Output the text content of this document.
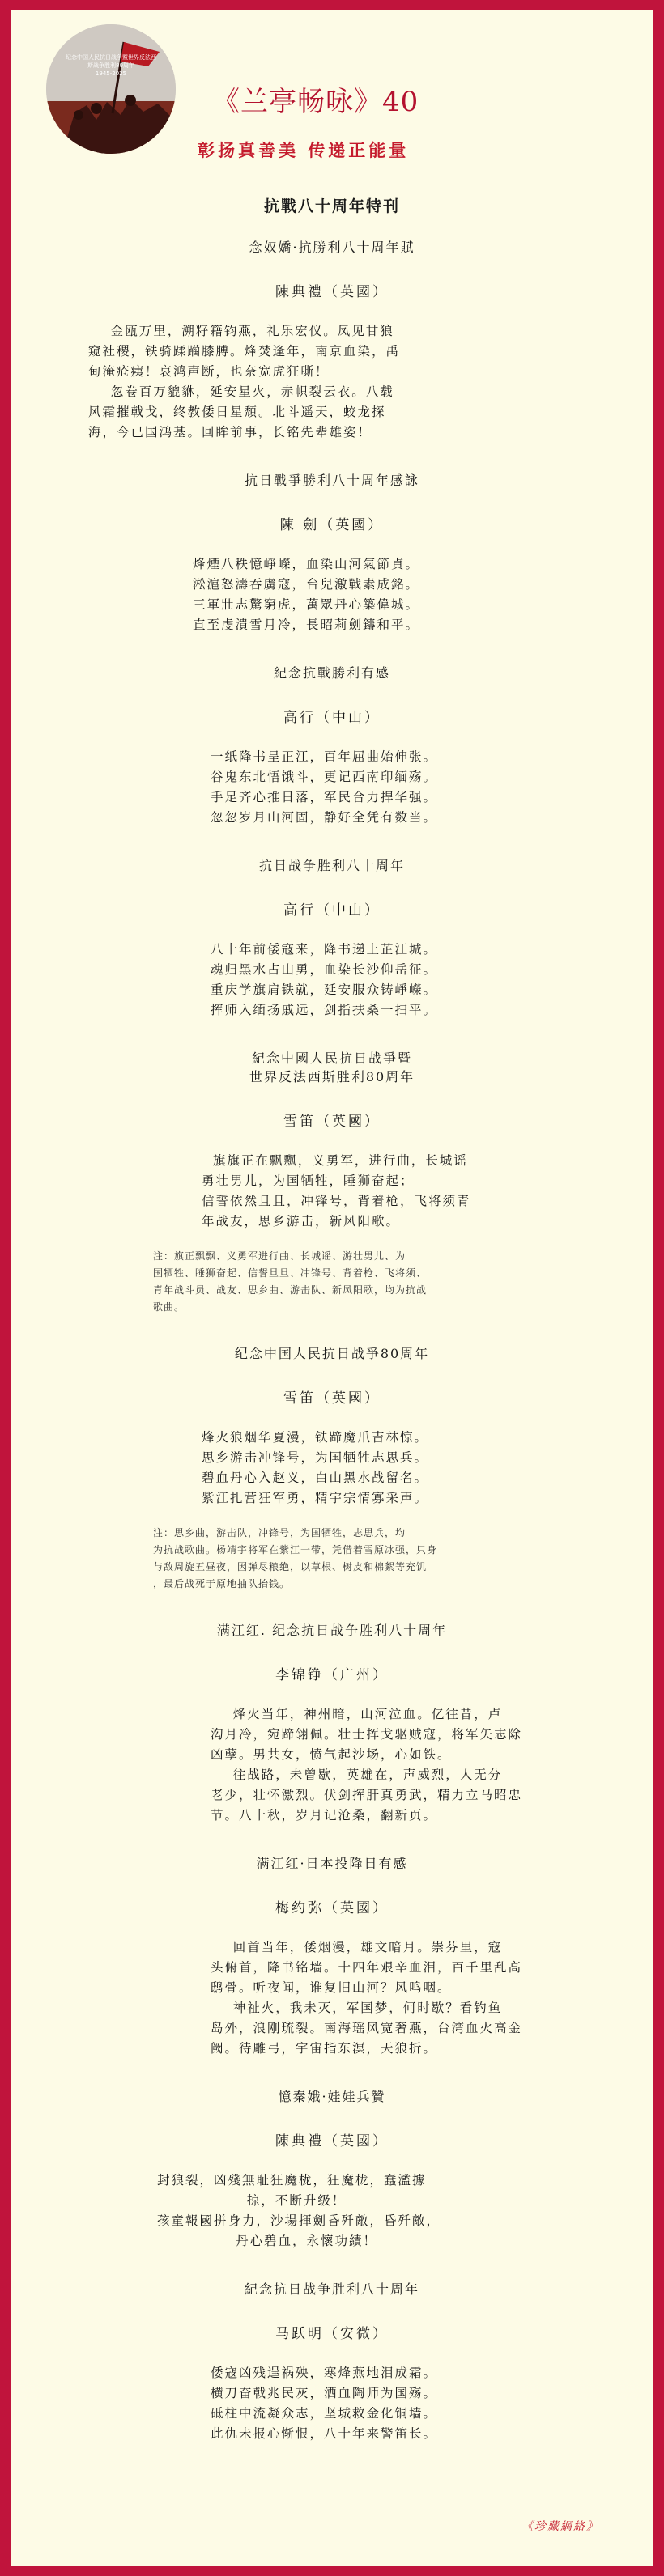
纪念中国人民抗日战争暨世界反法西斯战争胜利80周年
1945-2025
《兰亭畅咏》40
彰扬真善美 传递正能量
抗戰八十周年特刊
念奴嬌·抗勝利八十周年賦
陳典禮（英國）
金瓯万里，溯籽籍钧燕，礼乐宏仪。凤见甘狼
窥社稷，铁骑蹂躏膝膊。烽焚逢年，南京血染，禹
甸淹疮痍！哀鸿声断，也奈宽虎狂嘶！
忽卷百万貔貅，延安星火，赤帜裂云衣。八载
风霜摧戟戈，终教倭日星頹。北斗遥天，蛟龙探
海，今已国鸿基。回眸前事，长铭先辈雄姿！
抗日戰爭勝利八十周年感詠
陳 劍（英國）
烽煙八秩憶崢嶸，血染山河氣節貞。
淞滬怒濤吞虜寇，台兒激戰素成銘。
三軍壯志驚窮虎，萬眾丹心築偉城。
直至虔潰雪月冷，長昭莉劍鑄和平。
紀念抗戰勝利有感
高行（中山）
一纸降书呈正江，百年屈曲始伸张。
谷鬼东北悟饿斗，更记西南印缅殇。
手足齐心推日落，军民合力捍华强。
忽忽岁月山河固，静好全凭有数当。
抗日战争胜利八十周年
高行（中山）
八十年前倭寇来，降书递上芷江城。
魂归黑水占山勇，血染长沙仰岳征。
重庆学旗肩铁就，延安服众铸崢嶸。
挥师入缅扬戚远，剑指扶桑一扫平。
紀念中國人民抗日战爭暨
世界反法西斯胜利80周年
雪笛（英國）
旗旗正在飘飘，义勇军，进行曲，长城谣
勇壮男儿，为国牺牲，睡狮奋起；
信誓依然且且，冲锋号，背着枪，飞将须青
年战友，思乡游击，新风阳歌。
注：旗正飘飘、义勇军进行曲、长城谣、游壮男儿、为
国牺牲、睡狮奋起、信誓旦旦、冲锋号、背着枪、飞将须、
青年战斗员、战友、思乡曲、游击队、新凤阳歌，均为抗战
歌曲。
纪念中国人民抗日战爭80周年
雪笛（英國）
烽火狼烟华夏漫，铁蹄魔爪吉林惊。
思乡游击冲锋号，为国牺牲志思兵。
碧血丹心入赵义，白山黑水战留名。
紫江扎营狂军勇，精宇宗情寡采声。
注：思乡曲，游击队，冲锋号，为国牺牲，志思兵，均
为抗战歌曲。杨靖宇将军在紫江一带，凭借着雪原冰强，只身
与敌周旋五昼夜，因弹尽粮绝，以草根、树皮和棉絮等充饥
，最后战死于原地抽队抬钱。
满江红. 纪念抗日战争胜利八十周年
李锦铮（广州）
烽火当年，神州暗，山河泣血。亿往昔，卢
沟月冷，宛蹄翎佩。壮士挥戈驱贼寇，将军矢志除
凶孽。男共女，愤气起沙场，心如铁。
往战路，未曾歇，英雄在，声威烈，人无分
老少，壮怀激烈。伏剑挥肝真勇武，精力立马昭忠
节。八十秋，岁月记沧桑，翻新页。
满江红·日本投降日有感
梅约弥（英國）
回首当年，倭烟漫，雄文暗月。崇芬里，寇
头俯首，降书铭墙。十四年艰辛血泪，百千里乱高
鸱骨。听夜闻，谁复旧山河？风鸣咽。
神祉火，我未灭，军国梦，何时歇？看钓鱼
岛外，浪刚琉裂。南海瑶风宽奢燕，台湾血火高金
阙。待雕弓，宇宙指东溟，天狼折。
憶秦娥·娃娃兵贊
陳典禮（英國）
封狼裂，凶殘無耻狂魔栊，狂魔栊，蠢濫據
掠，不断升级！
孩童報國拼身力，沙場揮劍昏歼敵，昏歼敵，
丹心碧血，永懷功績！
紀念抗日战争胜利八十周年
马跃明（安微）
倭寇凶残逞祸殃，寒烽燕地泪成霜。
横刀奋戟兆民灰，洒血陶师为国殇。
砥柱中流凝众志，坚城救金化铜墙。
此仇未报心惭恨，八十年来警笛长。
《珍藏網絡》
